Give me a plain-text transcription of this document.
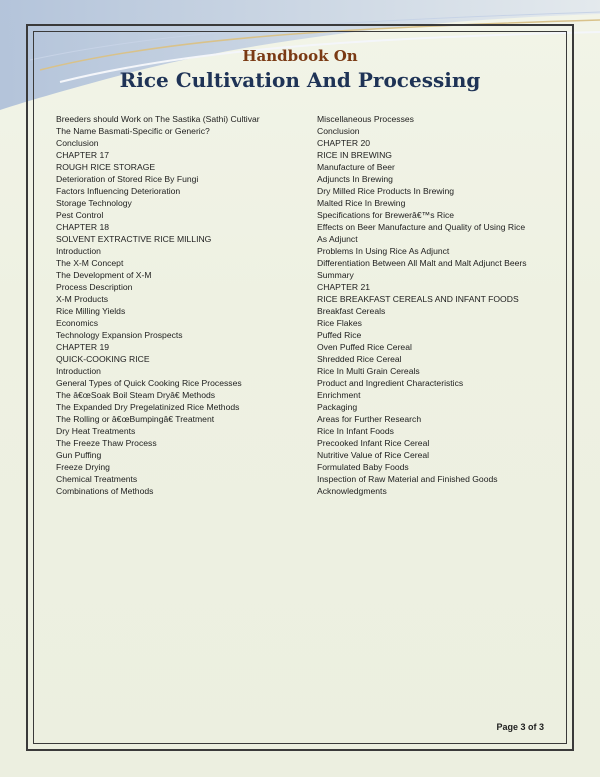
Handbook On

Rice Cultivation And Processing

Breeders should Work on The Sastika (Sathi) Cultivar
The Name Basmati-Specific or Generic?
Conclusion
CHAPTER 17
ROUGH RICE STORAGE
Deterioration of Stored Rice By Fungi
Factors Influencing Deterioration
Storage Technology
Pest Control
CHAPTER 18
SOLVENT EXTRACTIVE RICE MILLING
Introduction
The X-M Concept
The Development of X-M
Process Description
X-M Products
Rice Milling Yields
Economics
Technology Expansion Prospects
CHAPTER 19
QUICK-COOKING RICE
Introduction
General Types of Quick Cooking Rice Processes
The â€œSoak Boil Steam Dryâ€ Methods
The Expanded Dry Pregelatinized Rice Methods
The Rolling or â€œBumpingâ€ Treatment
Dry Heat Treatments
The Freeze Thaw Process
Gun Puffing
Freeze Drying
Chemical Treatments
Combinations of Methods
Miscellaneous Processes
Conclusion
CHAPTER 20
RICE IN BREWING
Manufacture of Beer
Adjuncts In Brewing
Dry Milled Rice Products In Brewing
Malted Rice In Brewing
Specifications for Brewerâ€™s Rice
Effects on Beer Manufacture and Quality of Using Rice
As Adjunct
Problems In Using Rice As Adjunct
Differentiation Between All Malt and Malt Adjunct Beers
Summary
CHAPTER 21
RICE BREAKFAST CEREALS AND INFANT FOODS
Breakfast Cereals
Rice Flakes
Puffed Rice
Oven Puffed Rice Cereal
Shredded Rice Cereal
Rice In Multi Grain Cereals
Product and Ingredient Characteristics
Enrichment
Packaging
Areas for Further Research
Rice In Infant Foods
Precooked Infant Rice Cereal
Nutritive Value of Rice Cereal
Formulated Baby Foods
Inspection of Raw Material and Finished Goods
Acknowledgments
Page 3 of 3
